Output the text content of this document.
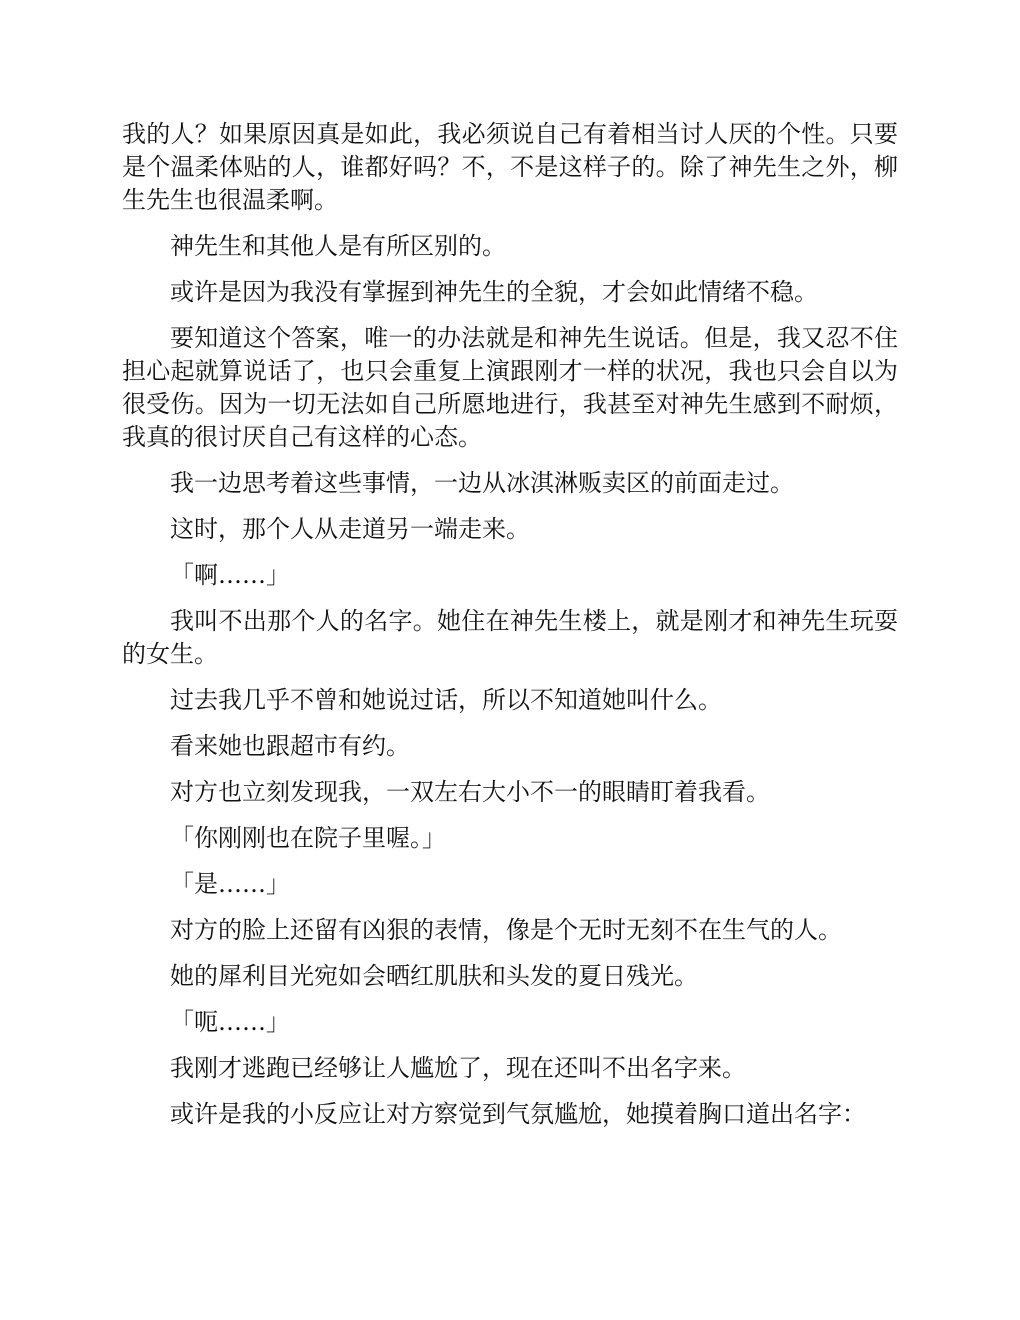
我的人？如果原因真是如此，我必须说自己有着相当讨人厌的个性。只要是个温柔体贴的人，谁都好吗？不，不是这样子的。除了神先生之外，柳生先生也很温柔啊。

神先生和其他人是有所区别的。

或许是因为我没有掌握到神先生的全貌，才会如此情绪不稳。

要知道这个答案，唯一的办法就是和神先生说话。但是，我又忍不住担心起就算说话了，也只会重复上演跟刚才一样的状况，我也只会自以为很受伤。因为一切无法如自己所愿地进行，我甚至对神先生感到不耐烦，我真的很讨厌自己有这样的心态。

我一边思考着这些事情，一边从冰淇淋贩卖区的前面走过。

这时，那个人从走道另一端走来。

「啊……」

我叫不出那个人的名字。她住在神先生楼上，就是刚才和神先生玩耍的女生。

过去我几乎不曾和她说过话，所以不知道她叫什么。

看来她也跟超市有约。

对方也立刻发现我，一双左右大小不一的眼睛盯着我看。

「你刚刚也在院子里喔。」

「是……」

对方的脸上还留有凶狠的表情，像是个无时无刻不在生气的人。

她的犀利目光宛如会晒红肌肤和头发的夏日残光。

「呃……」

我刚才逃跑已经够让人尴尬了，现在还叫不出名字来。

或许是我的小反应让对方察觉到气氛尴尬，她摸着胸口道出名字：
